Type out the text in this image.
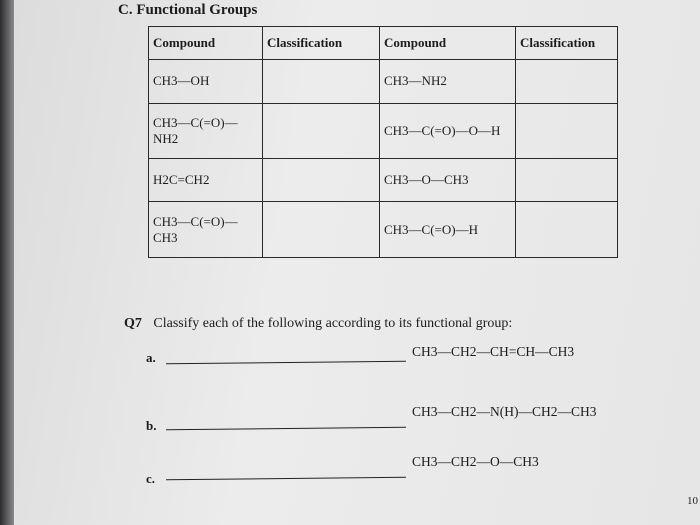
C. Functional Groups
Compound	Classification	Compound	Classification
CH3—OH		CH3—NH2	
CH3—C(=O)—NH2		CH3—C(=O)—O—H	
H2C=CH2		CH3—O—CH3	
CH3—C(=O)—CH3		CH3—C(=O)—H	
Q7 Classify each of the following according to its functional group:
a.	CH3—CH2—CH=CH—CH3
b.
CH3—CH2—N(H)—CH2—CH3
c.
CH3—CH2—O—CH3
10
